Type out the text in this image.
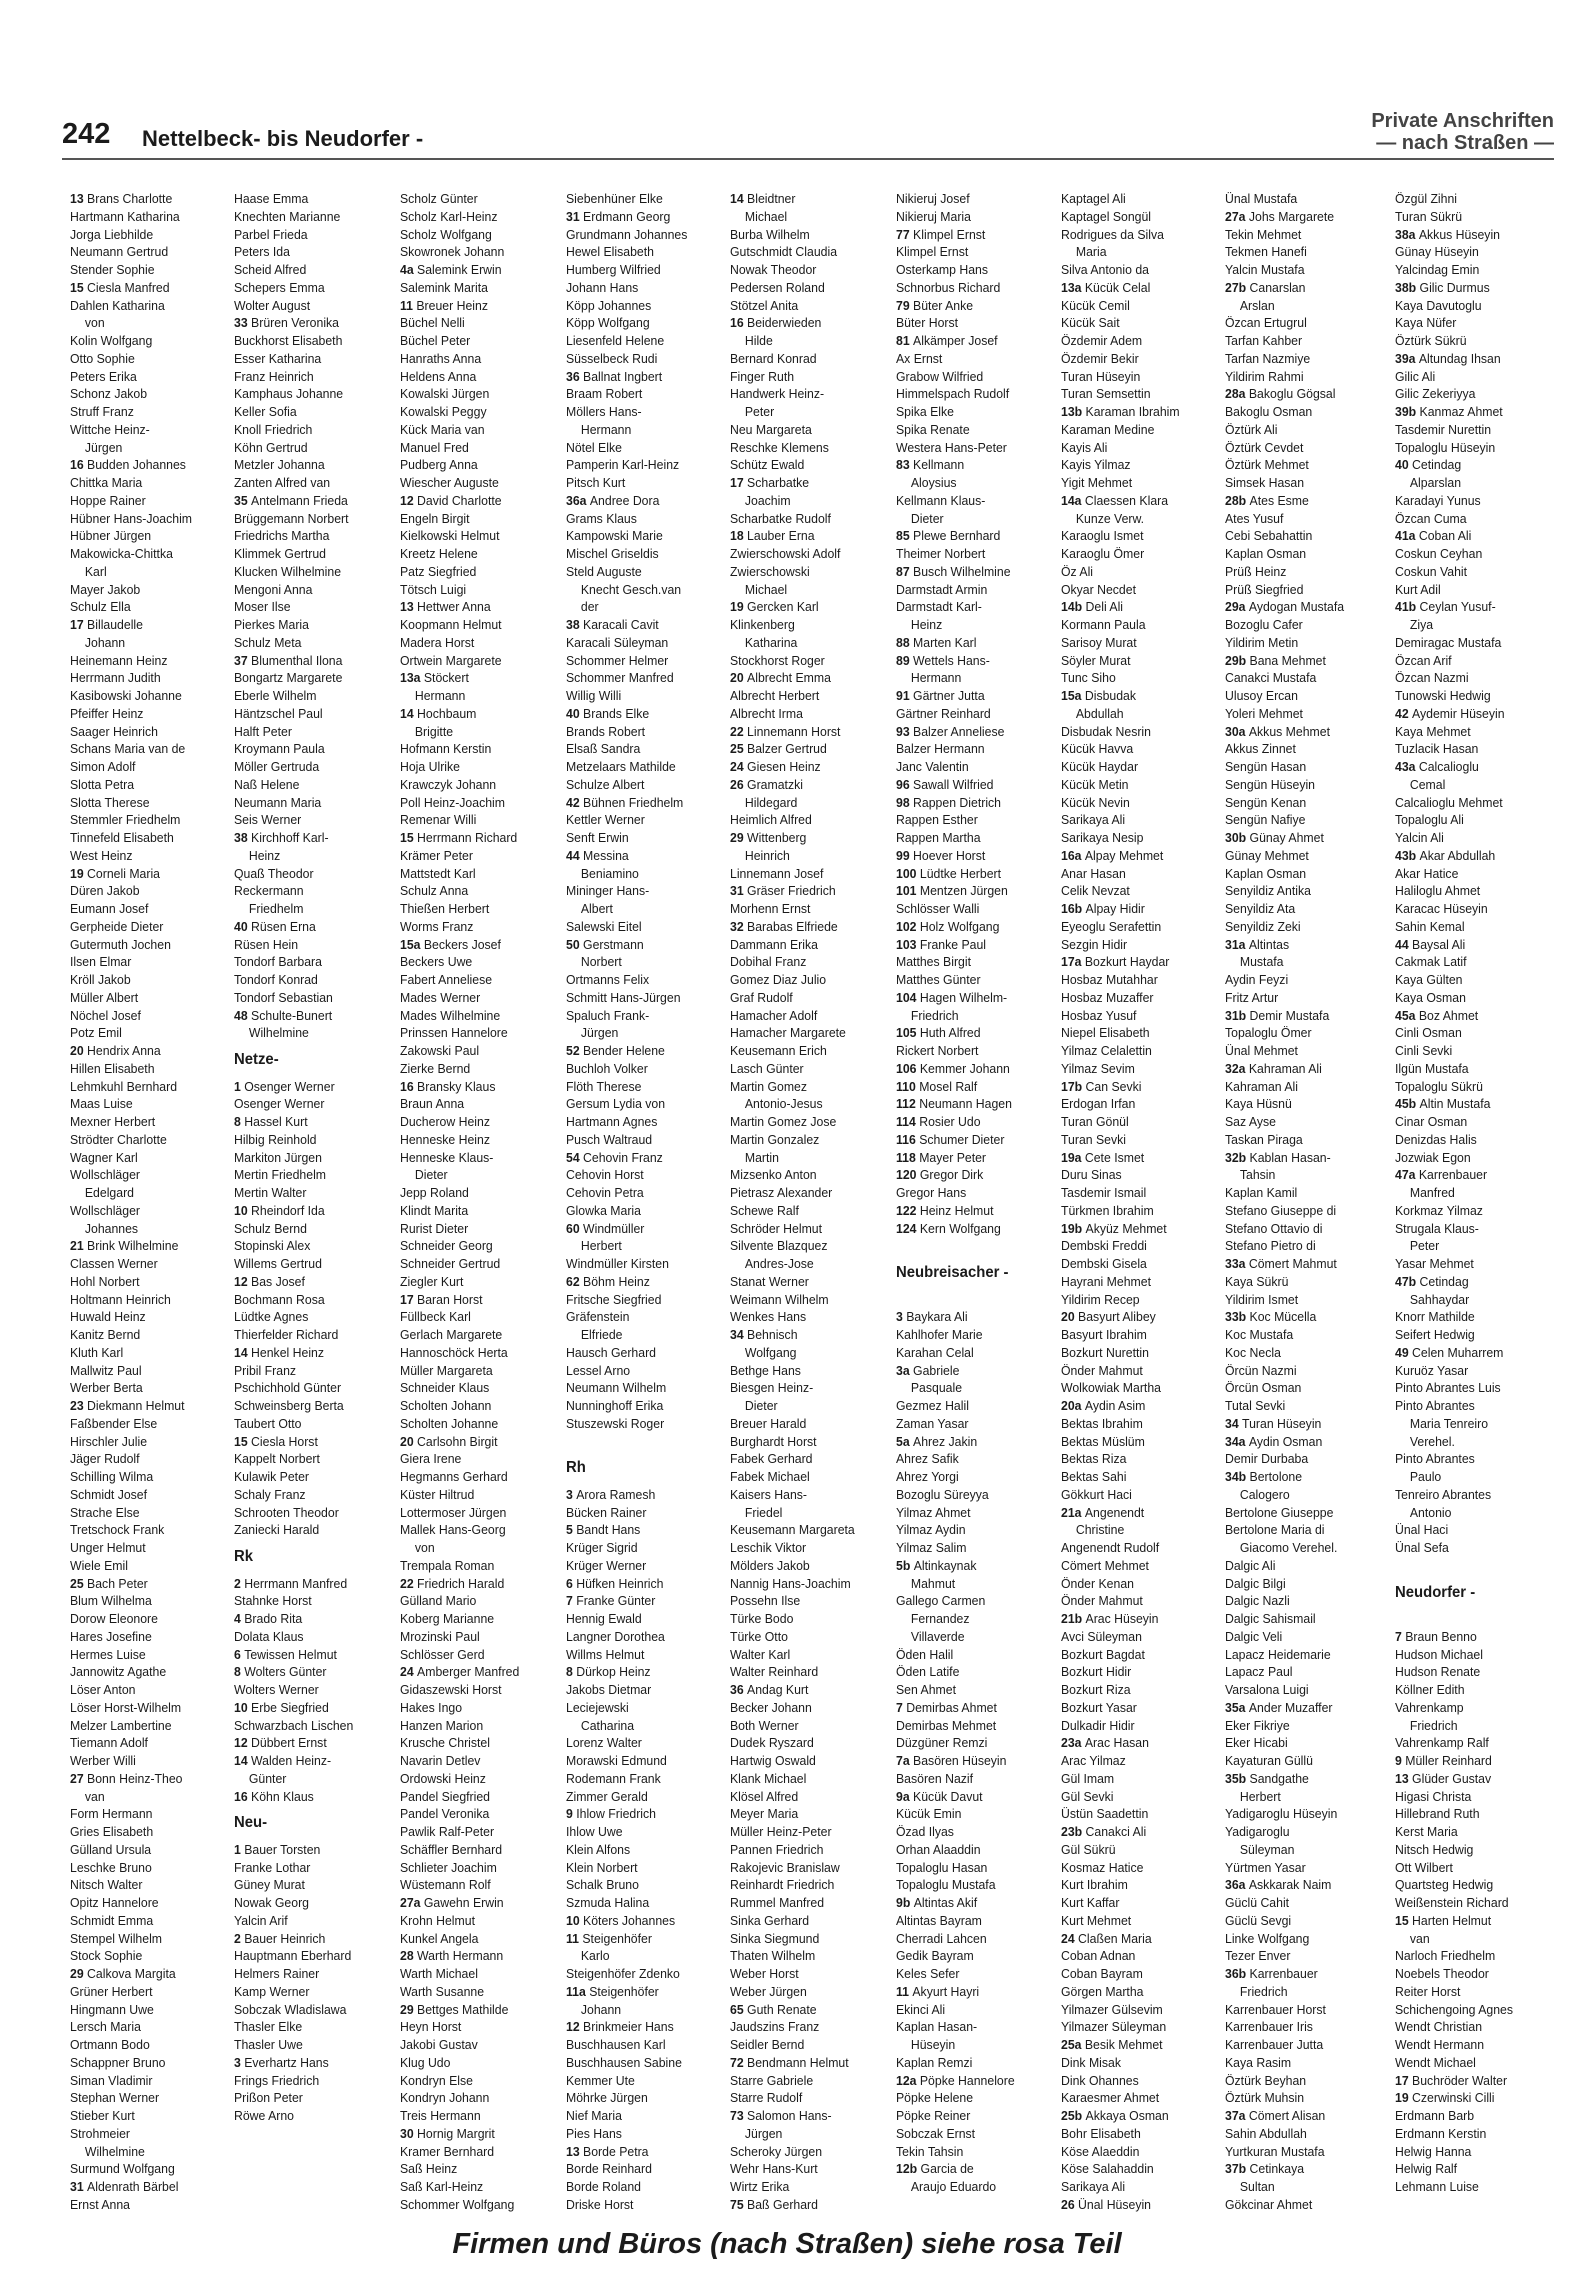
242 Nettelbeck- bis Neudorfer -
Private Anschriften
— nach Straßen —
13 Brans Charlotte
Hartmann Katharina
Jorga Liebhilde
Neumann Gertrud
Stender Sophie
15 Ciesla Manfred
Dahlen Katharina
von
Kolin Wolfgang
Otto Sophie
Peters Erika
Schonz Jakob
Struff Franz
Wittche Heinz-
Jürgen
16 Budden Johannes
Chittka Maria
Hoppe Rainer
Hübner Hans-Joachim
Hübner Jürgen
Makowicka-Chittka
Karl
Mayer Jakob
Schulz Ella
17 Billaudelle
Johann
Heinemann Heinz
Herrmann Judith
Kasibowski Johanne
Pfeiffer Heinz
Saager Heinrich
Schans Maria van de
Simon Adolf
Slotta Petra
Slotta Therese
Stemmler Friedhelm
Tinnefeld Elisabeth
West Heinz
19 Corneli Maria
Düren Jakob
Eumann Josef
Gerpheide Dieter
Gutermuth Jochen
Ilsen Elmar
Kröll Jakob
Müller Albert
Nöchel Josef
Potz Emil
20 Hendrix Anna
Hillen Elisabeth
Lehmkuhl Bernhard
Maas Luise
Mexner Herbert
Strödter Charlotte
Wagner Karl
Wollschläger
Edelgard
Wollschläger
Johannes
21 Brink Wilhelmine
Classen Werner
Hohl Norbert
Holtmann Heinrich
Huwald Heinz
Kanitz Bernd
Kluth Karl
Mallwitz Paul
Werber Berta
23 Diekmann Helmut
Faßbender Else
Hirschler Julie
Jäger Rudolf
Schilling Wilma
Schmidt Josef
Strache Else
Tretschock Frank
Unger Helmut
Wiele Emil
25 Bach Peter
Blum Wilhelma
Dorow Eleonore
Hares Josefine
Hermes Luise
Jannowitz Agathe
Löser Anton
Löser Horst-Wilhelm
Melzer Lambertine
Tiemann Adolf
Werber Willi
27 Bonn Heinz-Theo
van
Form Hermann
Gries Elisabeth
Gülland Ursula
Leschke Bruno
Nitsch Walter
Opitz Hannelore
Schmidt Emma
Stempel Wilhelm
Stock Sophie
29 Calkova Margita
Grüner Herbert
Hingmann Uwe
Lersch Maria
Ortmann Bodo
Schappner Bruno
Siman Vladimir
Stephan Werner
Stieber Kurt
Strohmeier
Wilhelmine
Surmund Wolfgang
31 Aldenrath Bärbel
Ernst Anna
Haase Emma
Knechten Marianne
Parbel Frieda
Peters Ida
Scheid Alfred
Schepers Emma
Wolter August
33 Brüren Veronika
Buckhorst Elisabeth
Esser Katharina
Franz Heinrich
Kamphaus Johanne
Keller Sofia
Knoll Friedrich
Köhn Gertrud
Metzler Johanna
Zanten Alfred van
35 Antelmann Frieda
Brüggemann Norbert
Friedrichs Martha
Klimmek Gertrud
Klucken Wilhelmine
Mengoni Anna
Moser Ilse
Pierkes Maria
Schulz Meta
37 Blumenthal Ilona
Bongartz Margarete
Eberle Wilhelm
Häntzschel Paul
Halft Peter
Kroymann Paula
Möller Gertruda
Naß Helene
Neumann Maria
Seis Werner
38 Kirchhoff Karl-
Heinz
Quaß Theodor
Reckermann
Friedhelm
40 Rüsen Erna
Rüsen Hein
Tondorf Barbara
Tondorf Konrad
Tondorf Sebastian
48 Schulte-Bunert
Wilhelmine
Netze-
1 Osenger Werner
Osenger Werner
8 Hassel Kurt
Hilbig Reinhold
Markiton Jürgen
Mertin Friedhelm
Mertin Walter
10 Rheindorf Ida
Schulz Bernd
Stopinski Alex
Willems Gertrud
12 Bas Josef
Bochmann Rosa
Lüdtke Agnes
Thierfelder Richard
14 Henkel Heinz
Pribil Franz
Pschichhold Günter
Schweinsberg Berta
Taubert Otto
15 Ciesla Horst
Kappelt Norbert
Kulawik Peter
Schaly Franz
Schrooten Theodor
Zaniecki Harald
Rk
2 Herrmann Manfred
Stahnke Horst
4 Brado Rita
Dolata Klaus
6 Tewissen Helmut
8 Wolters Günter
Wolters Werner
10 Erbe Siegfried
Schwarzbach Lischen
12 Dübbert Ernst
14 Walden Heinz-
Günter
16 Köhn Klaus
Neu-
1 Bauer Torsten
Franke Lothar
Güney Murat
Nowak Georg
Yalcin Arif
2 Bauer Heinrich
Hauptmann Eberhard
Helmers Rainer
Kamp Werner
Sobczak Wladislawa
Thasler Elke
Thasler Uwe
3 Everhartz Hans
Frings Friedrich
Prißon Peter
Röwe Arno
Scholz Günter
Scholz Karl-Heinz
Scholz Wolfgang
Skowronek Johann
4a Salemink Erwin
Salemink Marita
11 Breuer Heinz
Büchel Nelli
Büchel Peter
Hanraths Anna
Heldens Anna
Kowalski Jürgen
Kowalski Peggy
Kück Maria van
Manuel Fred
Pudberg Anna
Wiescher Auguste
12 David Charlotte
Engeln Birgit
Kielkowski Helmut
Kreetz Helene
Patz Siegfried
Tötsch Luigi
13 Hettwer Anna
Koopmann Helmut
Madera Horst
Ortwein Margarete
13a Stöckert
Hermann
14 Hochbaum
Brigitte
Hofmann Kerstin
Hoja Ulrike
Krawczyk Johann
Poll Heinz-Joachim
Remenar Willi
15 Herrmann Richard
Krämer Peter
Mattstedt Karl
Schulz Anna
Thießen Herbert
Worms Franz
15a Beckers Josef
Beckers Uwe
Fabert Anneliese
Mades Werner
Mades Wilhelmine
Prinssen Hannelore
Zakowski Paul
Zierke Bernd
16 Bransky Klaus
Braun Anna
Ducherow Heinz
Henneske Heinz
Henneske Klaus-
Dieter
Jepp Roland
Klindt Marita
Rurist Dieter
Schneider Georg
Schneider Gertrud
Ziegler Kurt
17 Baran Horst
Füllbeck Karl
Gerlach Margarete
Hannoschöck Herta
Müller Margareta
Schneider Klaus
Scholten Johann
Scholten Johanne
20 Carlsohn Birgit
Giera Irene
Hegmanns Gerhard
Küster Hiltrud
Lottermoser Jürgen
Mallek Hans-Georg
von
Trempala Roman
22 Friedrich Harald
Gülland Mario
Koberg Marianne
Mrozinski Paul
Schlösser Gerd
24 Amberger Manfred
Gidaszewski Horst
Hakes Ingo
Hanzen Marion
Krusche Christel
Navarin Detlev
Ordowski Heinz
Pandel Siegfried
Pandel Veronika
Pawlik Ralf-Peter
Schäffler Bernhard
Schlieter Joachim
Wüstemann Rolf
27a Gawehn Erwin
Krohn Helmut
Kunkel Angela
28 Warth Hermann
Warth Michael
Warth Susanne
29 Bettges Mathilde
Heyn Horst
Jakobi Gustav
Klug Udo
Kondryn Else
Kondryn Johann
Treis Hermann
30 Hornig Margrit
Kramer Bernhard
Saß Heinz
Saß Karl-Heinz
Schommer Wolfgang
Siebenhüner Elke
31 Erdmann Georg
Grundmann Johannes
Hewel Elisabeth
Humberg Wilfried
Johann Hans
Köpp Johannes
Köpp Wolfgang
Liesenfeld Helene
Süsselbeck Rudi
36 Ballnat Ingbert
Braam Robert
Möllers Hans-
Hermann
Nötel Elke
Pamperin Karl-Heinz
Pitsch Kurt
36a Andree Dora
Grams Klaus
Kampowski Marie
Mischel Griseldis
Steld Auguste
Knecht Gesch.van
der
38 Karacali Cavit
Karacali Süleyman
Schommer Helmer
Schommer Manfred
Willig Willi
40 Brands Elke
Brands Robert
Elsaß Sandra
Metzelaars Mathilde
Schulze Albert
42 Bühnen Friedhelm
Kettler Werner
Senft Erwin
44 Messina
Beniamino
Mininger Hans-
Albert
Salewski Eitel
50 Gerstmann
Norbert
Ortmanns Felix
Schmitt Hans-Jürgen
Spaluch Frank-
Jürgen
52 Bender Helene
Buchloh Volker
Flöth Therese
Gersum Lydia von
Hartmann Agnes
Pusch Waltraud
54 Cehovin Franz
Cehovin Horst
Cehovin Petra
Glowka Maria
60 Windmüller
Herbert
Windmüller Kirsten
62 Böhm Heinz
Fritsche Siegfried
Gräfenstein
Elfriede
Hausch Gerhard
Lessel Arno
Neumann Wilhelm
Nunninghoff Erika
Stuszewski Roger
Rh
3 Arora Ramesh
Bücken Rainer
5 Bandt Hans
Krüger Sigrid
Krüger Werner
6 Hüfken Heinrich
7 Franke Günter
Hennig Ewald
Langner Dorothea
Willms Helmut
8 Dürkop Heinz
Jakobs Dietmar
Leciejewski
Catharina
Lorenz Walter
Morawski Edmund
Rodemann Frank
Zimmer Gerald
9 Ihlow Friedrich
Ihlow Uwe
Klein Alfons
Klein Norbert
Schalk Bruno
Szmuda Halina
10 Köters Johannes
11 Steigenhöfer
Karlo
Steigenhöfer Zdenko
11a Steigenhöfer
Johann
12 Brinkmeier Hans
Buschhausen Karl
Buschhausen Sabine
Kemmer Ute
Möhrke Jürgen
Nief Maria
Pies Hans
13 Borde Petra
Borde Reinhard
Borde Roland
Driske Horst
14 Bleidtner
Michael
Burba Wilhelm
Gutschmidt Claudia
Nowak Theodor
Pedersen Roland
Stötzel Anita
16 Beiderwieden
Hilde
Bernard Konrad
Finger Ruth
Handwerk Heinz-
Peter
Neu Margareta
Reschke Klemens
Schütz Ewald
17 Scharbatke
Joachim
Scharbatke Rudolf
18 Lauber Erna
Zwierschowski Adolf
Zwierschowski
Michael
19 Gercken Karl
Klinkenberg
Katharina
Stockhorst Roger
20 Albrecht Emma
Albrecht Herbert
Albrecht Irma
22 Linnemann Horst
25 Balzer Gertrud
24 Giesen Heinz
26 Gramatzki
Hildegard
Heimlich Alfred
29 Wittenberg
Heinrich
Linnemann Josef
31 Gräser Friedrich
Morhenn Ernst
32 Barabas Elfriede
Dammann Erika
Dobihal Franz
Gomez Diaz Julio
Graf Rudolf
Hamacher Adolf
Hamacher Margarete
Keusemann Erich
Lasch Günter
Martin Gomez
Antonio-Jesus
Martin Gomez Jose
Martin Gonzalez
Martin
Mizsenko Anton
Pietrasz Alexander
Schewe Ralf
Schröder Helmut
Silvente Blazquez
Andres-Jose
Stanat Werner
Weimann Wilhelm
Wenkes Hans
34 Behnisch
Wolfgang
Bethge Hans
Biesgen Heinz-
Dieter
Breuer Harald
Burghardt Horst
Fabek Gerhard
Fabek Michael
Kaisers Hans-
Friedel
Keusemann Margareta
Leschik Viktor
Mölders Jakob
Nannig Hans-Joachim
Possehn Ilse
Türke Bodo
Türke Otto
Walter Karl
Walter Reinhard
36 Andag Kurt
Becker Johann
Both Werner
Dudek Ryszard
Hartwig Oswald
Klank Michael
Klösel Alfred
Meyer Maria
Müller Heinz-Peter
Pannen Friedrich
Rakojevic Branislaw
Reinhardt Friedrich
Rummel Manfred
Sinka Gerhard
Sinka Siegmund
Thaten Wilhelm
Weber Horst
Weber Jürgen
65 Guth Renate
Jaudszins Franz
Seidler Bernd
72 Bendmann Helmut
Starre Gabriele
Starre Rudolf
73 Salomon Hans-
Jürgen
Scheroky Jürgen
Wehr Hans-Kurt
Wirtz Erika
75 Baß Gerhard
Nikieruj Josef
Nikieruj Maria
77 Klimpel Ernst
Klimpel Ernst
Osterkamp Hans
Schnorbus Richard
79 Büter Anke
Büter Horst
81 Alkämper Josef
Ax Ernst
Grabow Wilfried
Himmelspach Rudolf
Spika Elke
Spika Renate
Westera Hans-Peter
83 Kellmann
Aloysius
Kellmann Klaus-
Dieter
85 Plewe Bernhard
Theimer Norbert
87 Busch Wilhelmine
Darmstadt Armin
Darmstadt Karl-
Heinz
88 Marten Karl
89 Wettels Hans-
Hermann
91 Gärtner Jutta
Gärtner Reinhard
93 Balzer Anneliese
Balzer Hermann
Janc Valentin
96 Sawall Wilfried
98 Rappen Dietrich
Rappen Esther
Rappen Martha
99 Hoever Horst
100 Lüdtke Herbert
101 Mentzen Jürgen
Schlösser Walli
102 Holz Wolfgang
103 Franke Paul
Matthes Birgit
Matthes Günter
104 Hagen Wilhelm-
Friedrich
105 Huth Alfred
Rickert Norbert
106 Kemmer Johann
110 Mosel Ralf
112 Neumann Hagen
114 Rosier Udo
116 Schumer Dieter
118 Mayer Peter
120 Gregor Dirk
Gregor Hans
122 Heinz Helmut
124 Kern Wolfgang
Neubreisacher -
3 Baykara Ali
Kahlhofer Marie
Karahan Celal
3a Gabriele
Pasquale
Gezmez Halil
Zaman Yasar
5a Ahrez Jakin
Ahrez Safik
Ahrez Yorgi
Bozoglu Süreyya
Yilmaz Ahmet
Yilmaz Aydin
Yilmaz Salim
5b Altinkaynak
Mahmut
Gallego Carmen
Fernandez
Villaverde
Öden Halil
Öden Latife
Sen Ahmet
7 Demirbas Ahmet
Demirbas Mehmet
Düzgüner Remzi
7a Basören Hüseyin
Basören Nazif
9a Kücük Davut
Kücük Emin
Özad Ilyas
Orhan Alaaddin
Topaloglu Hasan
Topaloglu Mustafa
9b Altintas Akif
Altintas Bayram
Cherradi Lahcen
Gedik Bayram
Keles Sefer
11 Akyurt Hayri
Ekinci Ali
Kaplan Hasan-
Hüseyin
Kaplan Remzi
12a Pöpke Hannelore
Pöpke Helene
Pöpke Reiner
Sobczak Ernst
Tekin Tahsin
12b Garcia de
Araujo Eduardo
Kaptagel Ali
Kaptagel Songül
Rodrigues da Silva
Maria
Silva Antonio da
13a Kücük Celal
Kücük Cemil
Kücük Sait
Özdemir Adem
Özdemir Bekir
Turan Hüseyin
Turan Semsettin
13b Karaman Ibrahim
Karaman Medine
Kayis Ali
Kayis Yilmaz
Yigit Mehmet
14a Claessen Klara
Kunze Verw.
Karaoglu Ismet
Karaoglu Ömer
Öz Ali
Okyar Necdet
14b Deli Ali
Kormann Paula
Sarisoy Murat
Söyler Murat
Tunc Siho
15a Disbudak
Abdullah
Disbudak Nesrin
Kücük Havva
Kücük Haydar
Kücük Metin
Kücük Nevin
Sarikaya Ali
Sarikaya Nesip
16a Alpay Mehmet
Anar Hasan
Celik Nevzat
16b Alpay Hidir
Eyeoglu Serafettin
Sezgin Hidir
17a Bozkurt Haydar
Hosbaz Mutahhar
Hosbaz Muzaffer
Hosbaz Yusuf
Niepel Elisabeth
Yilmaz Celalettin
Yilmaz Sevim
17b Can Sevki
Erdogan Irfan
Turan Gönül
Turan Sevki
19a Cete Ismet
Duru Sinas
Tasdemir Ismail
Türkmen Ibrahim
19b Akyüz Mehmet
Dembski Freddi
Dembski Gisela
Hayrani Mehmet
Yildirim Recep
20 Basyurt Alibey
Basyurt Ibrahim
Bozkurt Nurettin
Önder Mahmut
Wolkowiak Martha
20a Aydin Asim
Bektas Ibrahim
Bektas Müslüm
Bektas Riza
Bektas Sahi
Gökkurt Haci
21a Angenendt
Christine
Angenendt Rudolf
Cömert Mehmet
Önder Kenan
Önder Mahmut
21b Arac Hüseyin
Avci Süleyman
Bozkurt Bagdat
Bozkurt Hidir
Bozkurt Riza
Bozkurt Yasar
Dulkadir Hidir
23a Arac Hasan
Arac Yilmaz
Gül Imam
Gül Sevki
Üstün Saadettin
23b Canakci Ali
Gül Sükrü
Kosmaz Hatice
Kurt Ibrahim
Kurt Kaffar
Kurt Mehmet
24 Claßen Maria
Coban Adnan
Coban Bayram
Görgen Martha
Yilmazer Gülsevim
Yilmazer Süleyman
25a Besik Mehmet
Dink Misak
Dink Ohannes
Karaesmer Ahmet
25b Akkaya Osman
Bohr Elisabeth
Köse Alaeddin
Köse Salahaddin
Sarikaya Ali
26 Ünal Hüseyin
Ünal Mustafa
27a Johs Margarete
Tekin Mehmet
Tekmen Hanefi
Yalcin Mustafa
27b Canarslan
Arslan
Özcan Ertugrul
Tarfan Kahber
Tarfan Nazmiye
Yildirim Rahmi
28a Bakoglu Gögsal
Bakoglu Osman
Öztürk Ali
Öztürk Cevdet
Öztürk Mehmet
Simsek Hasan
28b Ates Esme
Ates Yusuf
Cebi Sebahattin
Kaplan Osman
Prüß Heinz
Prüß Siegfried
29a Aydogan Mustafa
Bozoglu Cafer
Yildirim Metin
29b Bana Mehmet
Canakci Mustafa
Ulusoy Ercan
Yoleri Mehmet
30a Akkus Mehmet
Akkus Zinnet
Sengün Hasan
Sengün Hüseyin
Sengün Kenan
Sengün Nafiye
30b Günay Ahmet
Günay Mehmet
Kaplan Osman
Senyildiz Antika
Senyildiz Ata
Senyildiz Zeki
31a Altintas
Mustafa
Aydin Feyzi
Fritz Artur
31b Demir Mustafa
Topaloglu Ömer
Ünal Mehmet
32a Kahraman Ali
Kahraman Ali
Kaya Hüsnü
Saz Ayse
Taskan Piraga
32b Kablan Hasan-
Tahsin
Kaplan Kamil
Stefano Giuseppe di
Stefano Ottavio di
Stefano Pietro di
33a Cömert Mahmut
Kaya Sükrü
Yildirim Ismet
33b Koc Mücella
Koc Mustafa
Koc Necla
Örcün Nazmi
Örcün Osman
Tutal Sevki
34 Turan Hüseyin
34a Aydin Osman
Demir Durbaba
34b Bertolone
Calogero
Bertolone Giuseppe
Bertolone Maria di
Giacomo Verehel.
Dalgic Ali
Dalgic Bilgi
Dalgic Nazli
Dalgic Sahismail
Dalgic Veli
Lapacz Heidemarie
Lapacz Paul
Varsalona Luigi
35a Ander Muzaffer
Eker Fikriye
Eker Hicabi
Kayaturan Güllü
35b Sandgathe
Herbert
Yadigaroglu Hüseyin
Yadigaroglu
Süleyman
Yürtmen Yasar
36a Askkarak Naim
Güclü Cahit
Güclü Sevgi
Linke Wolfgang
Tezer Enver
36b Karrenbauer
Friedrich
Karrenbauer Horst
Karrenbauer Iris
Karrenbauer Jutta
Kaya Rasim
Öztürk Beyhan
Öztürk Muhsin
37a Cömert Alisan
Sahin Abdullah
Yurtkuran Mustafa
37b Cetinkaya
Sultan
Gökcinar Ahmet
Özgül Zihni
Turan Sükrü
38a Akkus Hüseyin
Günay Hüseyin
Yalcindag Emin
38b Gilic Durmus
Kaya Davutoglu
Kaya Nüfer
Öztürk Sükrü
39a Altundag Ihsan
Gilic Ali
Gilic Zekeriyya
39b Kanmaz Ahmet
Tasdemir Nurettin
Topaloglu Hüseyin
40 Cetindag
Alparslan
Karadayi Yunus
Özcan Cuma
41a Coban Ali
Coskun Ceyhan
Coskun Vahit
Kurt Adil
41b Ceylan Yusuf-
Ziya
Demiragac Mustafa
Özcan Arif
Özcan Nazmi
Tunowski Hedwig
42 Aydemir Hüseyin
Kaya Mehmet
Tuzlacik Hasan
43a Calcalioglu
Cemal
Calcalioglu Mehmet
Topaloglu Ali
Yalcin Ali
43b Akar Abdullah
Akar Hatice
Haliloglu Ahmet
Karacac Hüseyin
Sahin Kemal
44 Baysal Ali
Cakmak Latif
Kaya Gülten
Kaya Osman
45a Boz Ahmet
Cinli Osman
Cinli Sevki
Ilgün Mustafa
Topaloglu Sükrü
45b Altin Mustafa
Cinar Osman
Denizdas Halis
Jozwiak Egon
47a Karrenbauer
Manfred
Korkmaz Yilmaz
Strugala Klaus-
Peter
Yasar Mehmet
47b Cetindag
Sahhaydar
Knorr Mathilde
Seifert Hedwig
49 Celen Muharrem
Kuruöz Yasar
Pinto Abrantes Luis
Pinto Abrantes
Maria Tenreiro
Verehel.
Pinto Abrantes
Paulo
Tenreiro Abrantes
Antonio
Ünal Haci
Ünal Sefa
Neudorfer -
7 Braun Benno
Hudson Michael
Hudson Renate
Köllner Edith
Vahrenkamp
Friedrich
Vahrenkamp Ralf
9 Müller Reinhard
13 Glüder Gustav
Higasi Christa
Hillebrand Ruth
Kerst Maria
Nitsch Hedwig
Ott Wilbert
Quartsteg Hedwig
Weißenstein Richard
15 Harten Helmut
van
Narloch Friedhelm
Noebels Theodor
Reiter Horst
Schichengoing Agnes
Wendt Christian
Wendt Hermann
Wendt Michael
17 Buchröder Walter
19 Czerwinski Cilli
Erdmann Barb
Erdmann Kerstin
Helwig Hanna
Helwig Ralf
Lehmann Luise
Firmen und Büros (nach Straßen) siehe rosa Teil
